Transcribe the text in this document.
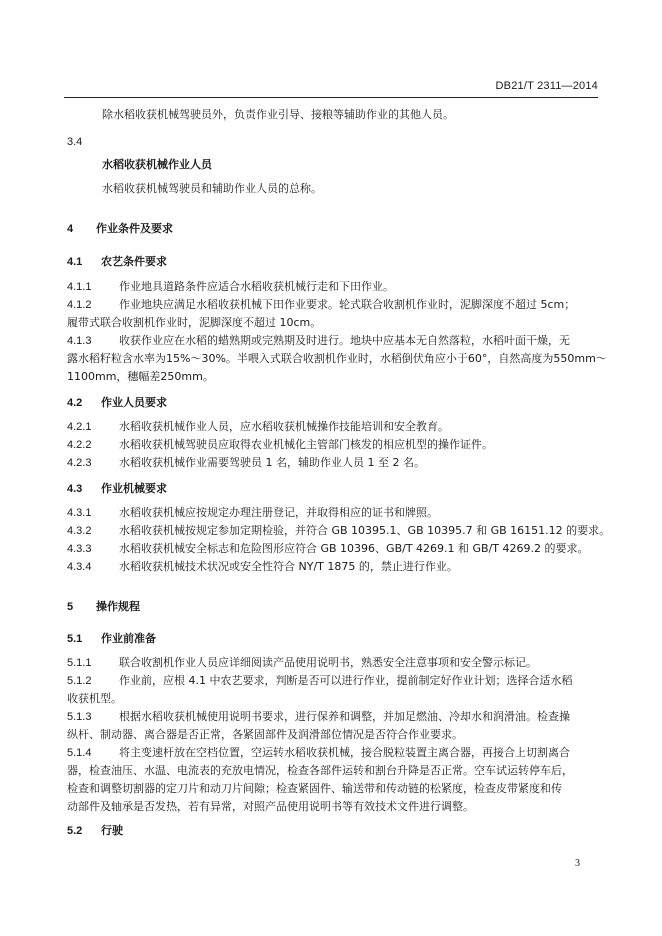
DB21/T 2311—2014
除水稻收获机械驾驶员外，负责作业引导、接粮等辅助作业的其他人员。
3.4
水稻收获机械作业人员
水稻收获机械驾驶员和辅助作业人员的总称。
4 作业条件及要求
4.1 农艺条件要求
4.1.1	作业地具道路条件应适合水稻收获机械行走和下田作业。
4.1.2	作业地块应满足水稻收获机械下田作业要求。轮式联合收割机作业时，泥脚深度不超过 5cm；
履带式联合收割机作业时，泥脚深度不超过 10cm。
4.1.3	收获作业应在水稻的蜡熟期或完熟期及时进行。地块中应基本无自然落粒，水稻叶面干燥，无
露水稻籽粒含水率为15%～30%。半喂入式联合收割机作业时，水稻倒伏角应小于60°，自然高度为550mm～
1100mm，穗幅差250mm。
4.2 作业人员要求
4.2.1	水稻收获机械作业人员，应水稻收获机械操作技能培训和安全教育。
4.2.2	水稻收获机械驾驶员应取得农业机械化主管部门核发的相应机型的操作证件。
4.2.3	水稻收获机械作业需要驾驶员 1 名，辅助作业人员 1 至 2 名。
4.3 作业机械要求
4.3.1	水稻收获机械应按规定办理注册登记，并取得相应的证书和牌照。
4.3.2	水稻收获机械按规定参加定期检验，并符合 GB 10395.1、GB 10395.7 和 GB 16151.12 的要求。
4.3.3	水稻收获机械安全标志和危险图形应符合 GB 10396、GB/T 4269.1 和 GB/T 4269.2 的要求。
4.3.4	水稻收获机械技术状况或安全性符合 NY/T 1875 的，禁止进行作业。
5 操作规程
5.1 作业前准备
5.1.1	联合收割机作业人员应详细阅读产品使用说明书，熟悉安全注意事项和安全警示标记。
5.1.2	作业前，应根 4.1 中农艺要求，判断是否可以进行作业，提前制定好作业计划；选择合适水稻
收获机型。
5.1.3	根据水稻收获机械使用说明书要求，进行保养和调整，并加足燃油、冷却水和润滑油。检查操
纵杆、制动器、离合器是否正常，各紧固部件及润滑部位情况是否符合作业要求。
5.1.4	将主变速杆放在空档位置，空运转水稻收获机械，接合脱粒装置主离合器，再接合上切割离合
器，检查油压、水温、电流表的充放电情况，检查各部件运转和割台升降是否正常。空车试运转停车后，
检查和调整切割器的定刀片和动刀片间隙；检查紧固件、输送带和传动链的松紧度，检查皮带紧度和传
动部件及轴承是否发热，若有异常，对照产品使用说明书等有效技术文件进行调整。
5.2 行驶
3
